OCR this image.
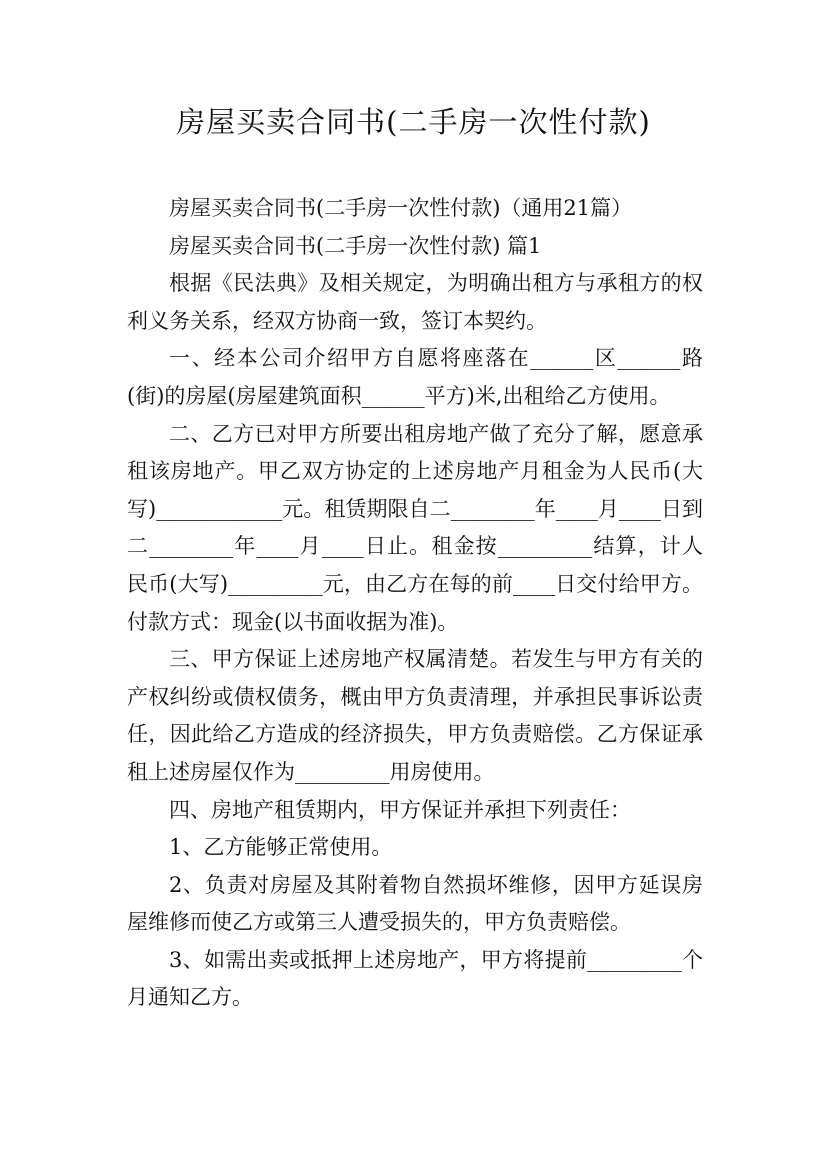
房屋买卖合同书(二手房一次性付款)

房屋买卖合同书(二手房一次性付款)（通用21篇）

房屋买卖合同书(二手房一次性付款) 篇1

根据《民法典》及相关规定，为明确出租方与承租方的权利义务关系，经双方协商一致，签订本契约。

一、经本公司介绍甲方自愿将座落在______区______路(街)的房屋(房屋建筑面积______平方)米,出租给乙方使用。

二、乙方已对甲方所要出租房地产做了充分了解，愿意承租该房地产。甲乙双方协定的上述房地产月租金为人民币(大写)____________元。租赁期限自二________年____月____日到二________年____月____日止。租金按_________结算，计人民币(大写)_________元，由乙方在每的前____日交付给甲方。付款方式：现金(以书面收据为准)。

三、甲方保证上述房地产权属清楚。若发生与甲方有关的产权纠纷或债权债务，概由甲方负责清理，并承担民事诉讼责任，因此给乙方造成的经济损失，甲方负责赔偿。乙方保证承租上述房屋仅作为_________用房使用。

四、房地产租赁期内，甲方保证并承担下列责任：

1、乙方能够正常使用。

2、负责对房屋及其附着物自然损坏维修，因甲方延误房屋维修而使乙方或第三人遭受损失的，甲方负责赔偿。

3、如需出卖或抵押上述房地产，甲方将提前_________个月通知乙方。
